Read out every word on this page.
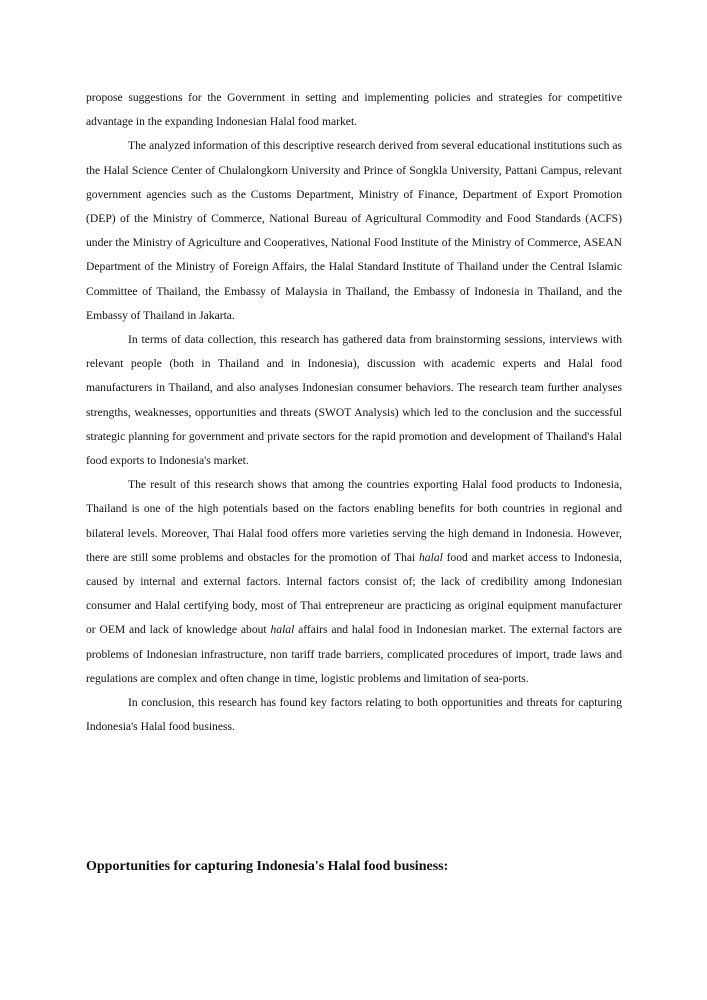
propose suggestions for the Government in setting and implementing policies and strategies for competitive advantage in the expanding Indonesian Halal food market.

The analyzed information of this descriptive research derived from several educational institutions such as the Halal Science Center of Chulalongkorn University and Prince of Songkla University, Pattani Campus, relevant government agencies such as the Customs Department, Ministry of Finance, Department of Export Promotion (DEP) of the Ministry of Commerce, National Bureau of Agricultural Commodity and Food Standards (ACFS) under the Ministry of Agriculture and Cooperatives, National Food Institute of the Ministry of Commerce, ASEAN Department of the Ministry of Foreign Affairs, the Halal Standard Institute of Thailand under the Central Islamic Committee of Thailand, the Embassy of Malaysia in Thailand, the Embassy of Indonesia in Thailand, and the Embassy of Thailand in Jakarta.

In terms of data collection, this research has gathered data from brainstorming sessions, interviews with relevant people (both in Thailand and in Indonesia), discussion with academic experts and Halal food manufacturers in Thailand, and also analyses Indonesian consumer behaviors. The research team further analyses strengths, weaknesses, opportunities and threats (SWOT Analysis) which led to the conclusion and the successful strategic planning for government and private sectors for the rapid promotion and development of Thailand's Halal food exports to Indonesia's market.

The result of this research shows that among the countries exporting Halal food products to Indonesia, Thailand is one of the high potentials based on the factors enabling benefits for both countries in regional and bilateral levels. Moreover, Thai Halal food offers more varieties serving the high demand in Indonesia. However, there are still some problems and obstacles for the promotion of Thai halal food and market access to Indonesia, caused by internal and external factors. Internal factors consist of; the lack of credibility among Indonesian consumer and Halal certifying body, most of Thai entrepreneur are practicing as original equipment manufacturer or OEM and lack of knowledge about halal affairs and halal food in Indonesian market. The external factors are problems of Indonesian infrastructure, non tariff trade barriers, complicated procedures of import, trade laws and regulations are complex and often change in time, logistic problems and limitation of sea-ports.

In conclusion, this research has found key factors relating to both opportunities and threats for capturing Indonesia's Halal food business.

Opportunities for capturing Indonesia's Halal food business:
